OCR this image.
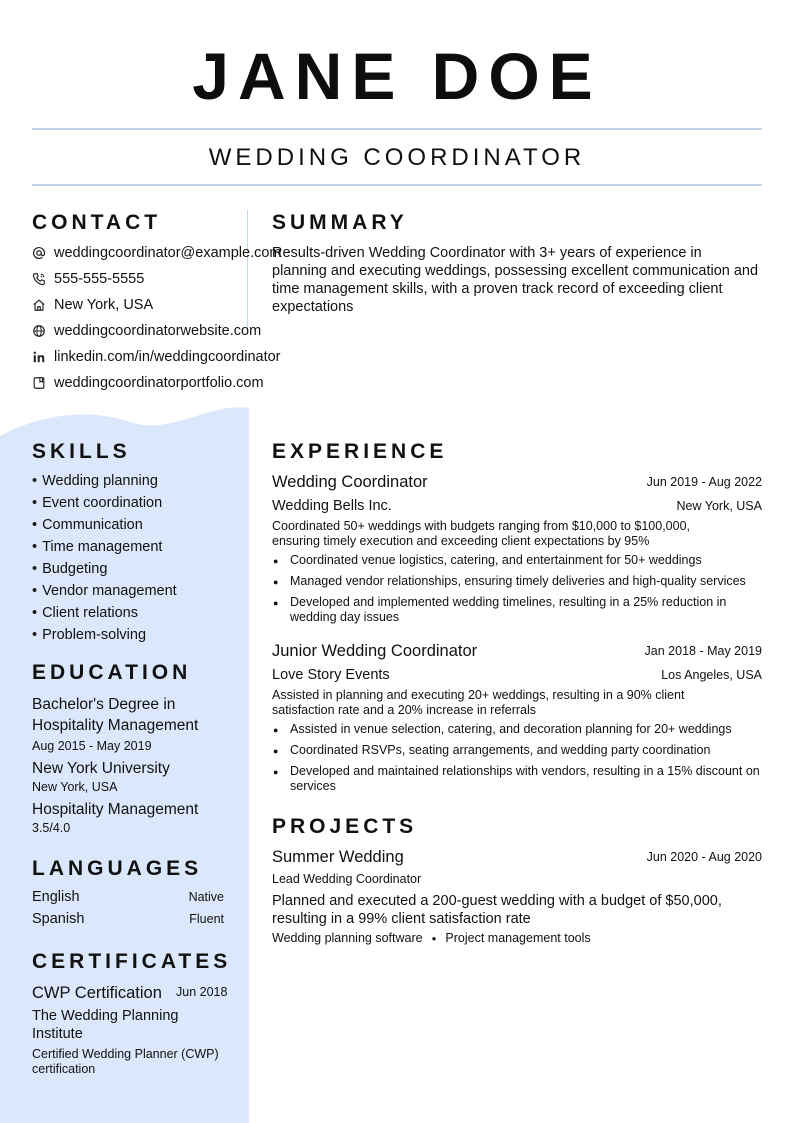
JANE DOE
WEDDING COORDINATOR
CONTACT
weddingcoordinator@example.com
555-555-5555
New York, USA
weddingcoordinatorwebsite.com
linkedin.com/in/weddingcoordinator
weddingcoordinatorportfolio.com
SUMMARY
Results-driven Wedding Coordinator with 3+ years of experience in planning and executing weddings, possessing excellent communication and time management skills, with a proven track record of exceeding client expectations
SKILLS
• Wedding planning
• Event coordination
• Communication
• Time management
• Budgeting
• Vendor management
• Client relations
• Problem-solving
EDUCATION
Bachelor's Degree in Hospitality Management
Aug 2015 - May 2019
New York University
New York, USA
Hospitality Management
3.5/4.0
LANGUAGES
English	Native
Spanish	Fluent
CERTIFICATES
CWP Certification Jun 2018
The Wedding Planning Institute
Certified Wedding Planner (CWP) certification
EXPERIENCE
Wedding Coordinator	Jun 2019 - Aug 2022
Wedding Bells Inc.	New York, USA
Coordinated 50+ weddings with budgets ranging from $10,000 to $100,000, ensuring timely execution and exceeding client expectations by 95%
● Coordinated venue logistics, catering, and entertainment for 50+ weddings
● Managed vendor relationships, ensuring timely deliveries and high-quality services
● Developed and implemented wedding timelines, resulting in a 25% reduction in wedding day issues
Junior Wedding Coordinator	Jan 2018 - May 2019
Love Story Events	Los Angeles, USA
Assisted in planning and executing 20+ weddings, resulting in a 90% client satisfaction rate and a 20% increase in referrals
● Assisted in venue selection, catering, and decoration planning for 20+ weddings
● Coordinated RSVPs, seating arrangements, and wedding party coordination
● Developed and maintained relationships with vendors, resulting in a 15% discount on services
PROJECTS
Summer Wedding	Jun 2020 - Aug 2020
Lead Wedding Coordinator
Planned and executed a 200-guest wedding with a budget of $50,000, resulting in a 99% client satisfaction rate
Wedding planning software ● Project management tools
